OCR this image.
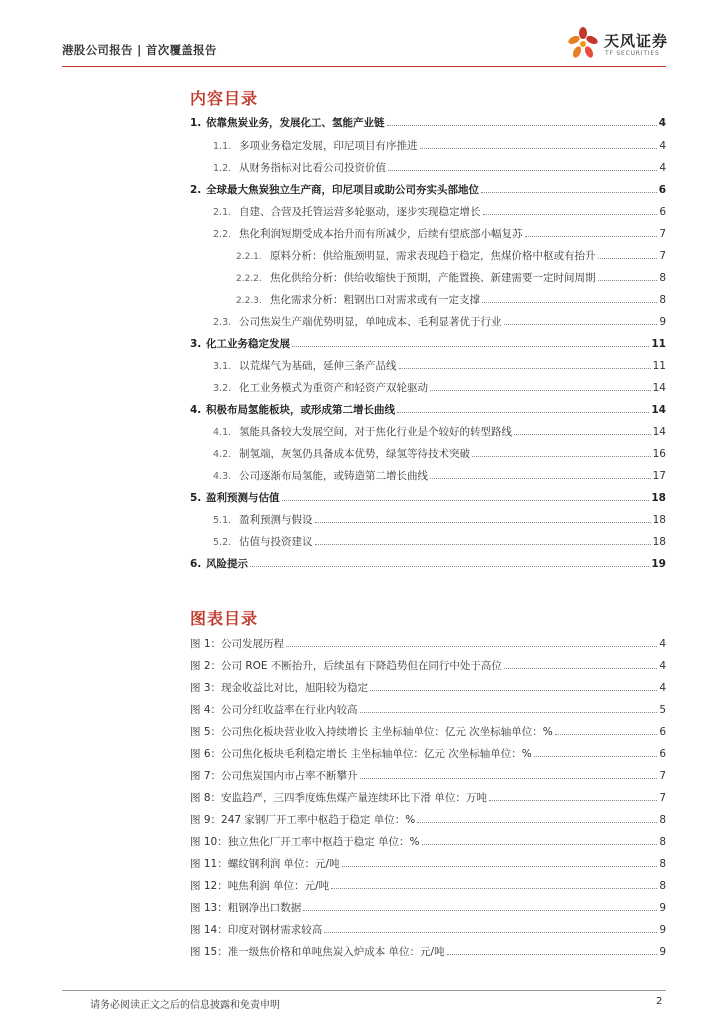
港股公司报告 | 首次覆盖报告	天风证券
TF SECURITIES
内容目录
1. 依靠焦炭业务，发展化工、氢能产业链	4
1.1. 多项业务稳定发展，印尼项目有序推进	4
1.2. 从财务指标对比看公司投资价值	4
2. 全球最大焦炭独立生产商，印尼项目或助公司夯实头部地位	6
2.1. 自建、合营及托管运营多轮驱动，逐步实现稳定增长	6
2.2. 焦化利润短期受成本抬升而有所减少，后续有望底部小幅复苏	7
2.2.1. 原料分析：供给瓶颈明显，需求表现趋于稳定，焦煤价格中枢或有抬升	7
2.2.2. 焦化供给分析：供给收缩快于预期，产能置换、新建需要一定时间周期	8
2.2.3. 焦化需求分析：粗钢出口对需求或有一定支撑	8
2.3. 公司焦炭生产端优势明显，单吨成本、毛利显著优于行业	9
3. 化工业务稳定发展	11
3.1. 以荒煤气为基础，延伸三条产品线	11
3.2. 化工业务模式为重资产和轻资产双轮驱动	14
4. 积极布局氢能板块，或形成第二增长曲线	14
4.1. 氢能具备较大发展空间，对于焦化行业是个较好的转型路线	14
4.2. 制氢端，灰氢仍具备成本优势，绿氢等待技术突破	16
4.3. 公司逐渐布局氢能，或铸造第二增长曲线	17
5. 盈利预测与估值	18
5.1. 盈利预测与假设	18
5.2. 估值与投资建议	18
6. 风险提示	19
图表目录
图 1：公司发展历程	4
图 2：公司 ROE 不断抬升，后续虽有下降趋势但在同行中处于高位	4
图 3：现金收益比对比，旭阳较为稳定	4
图 4：公司分红收益率在行业内较高	5
图 5：公司焦化板块营业收入持续增长 主坐标轴单位：亿元 次坐标轴单位：%	6
图 6：公司焦化板块毛利稳定增长 主坐标轴单位：亿元 次坐标轴单位：%	6
图 7：公司焦炭国内市占率不断攀升	7
图 8：安监趋严，三四季度炼焦煤产量连续环比下滑 单位：万吨	7
图 9：247 家钢厂开工率中枢趋于稳定 单位：%	8
图 10：独立焦化厂开工率中枢趋于稳定 单位：%	8
图 11：螺纹钢利润 单位：元/吨	8
图 12：吨焦利润 单位：元/吨	8
图 13：粗钢净出口数据	9
图 14：印度对钢材需求较高	9
图 15：准一级焦价格和单吨焦炭入炉成本 单位：元/吨	9
请务必阅读正文之后的信息披露和免责申明	2
